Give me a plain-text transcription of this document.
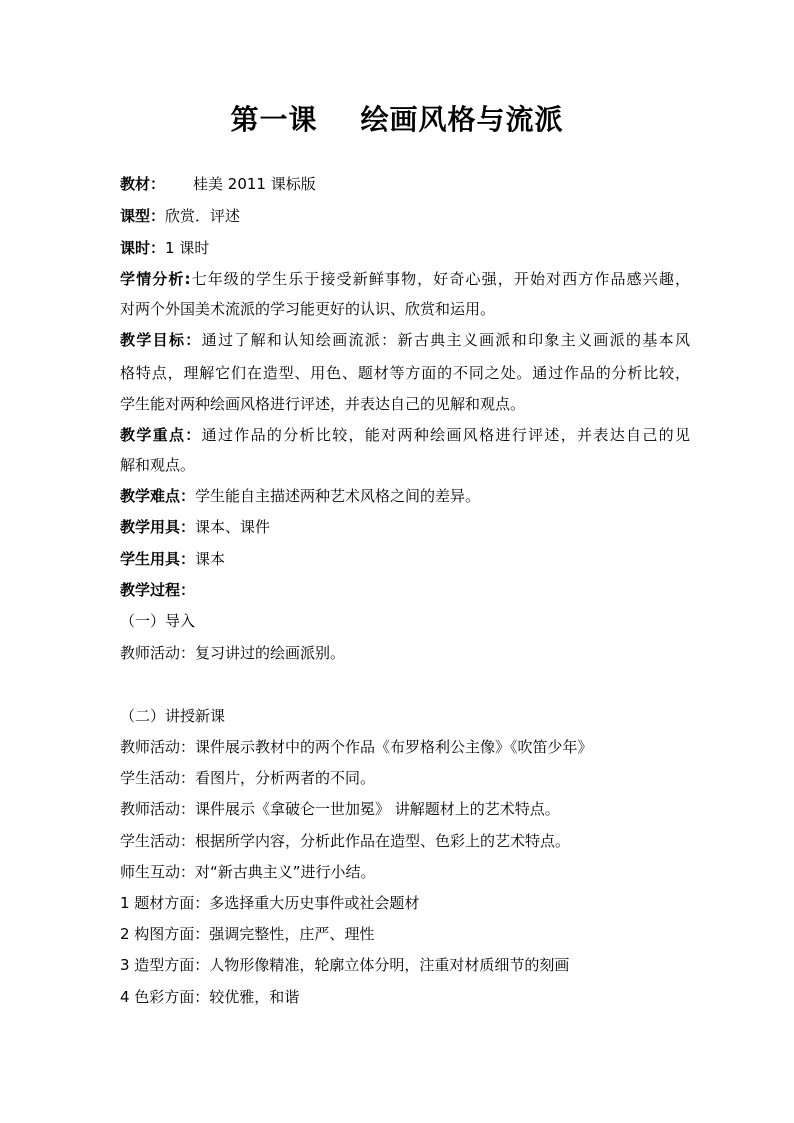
第一课    绘画风格与流派
教材： 桂美 2011 课标版
课型：欣赏．评述
课时：1 课时
学情分析:七年级的学生乐于接受新鲜事物，好奇心强，开始对西方作品感兴趣，
对两个外国美术流派的学习能更好的认识、欣赏和运用。
教学目标：通过了解和认知绘画流派：新古典主义画派和印象主义画派的基本风
格特点，理解它们在造型、用色、题材等方面的不同之处。通过作品的分析比较，
学生能对两种绘画风格进行评述，并表达自己的见解和观点。
教学重点：通过作品的分析比较，能对两种绘画风格进行评述，并表达自己的见
解和观点。
教学难点：学生能自主描述两种艺术风格之间的差异。
教学用具：课本、课件
学生用具：课本
教学过程：
（一）导入
教师活动：复习讲过的绘画派别。
（二）讲授新课
教师活动：课件展示教材中的两个作品《布罗格利公主像》《吹笛少年》
学生活动：看图片，分析两者的不同。
教师活动：课件展示《拿破仑一世加冕》 讲解题材上的艺术特点。
学生活动：根据所学内容，分析此作品在造型、色彩上的艺术特点。
师生互动：对“新古典主义”进行小结。
1 题材方面：多选择重大历史事件或社会题材
2 构图方面：强调完整性，庄严、理性
3 造型方面：人物形像精准，轮廓立体分明，注重对材质细节的刻画
4 色彩方面：较优雅，和谐
